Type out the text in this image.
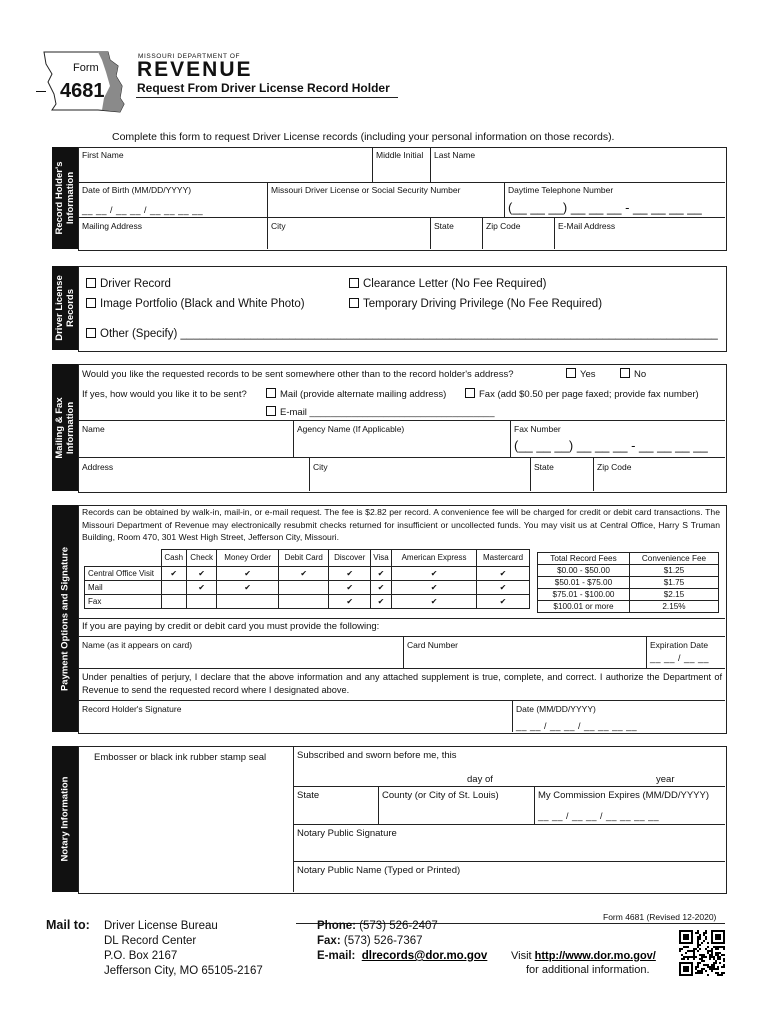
Form
4681
MISSOURI DEPARTMENT OF
REVENUE
Request From Driver License Record Holder
Complete this form to request Driver License records (including your personal information on those records).
Record Holder's Information
First Name	Middle Initial Last Name
Date of Birth (MM/DD/YYYY)
__ __ / __ __ / __ __ __ __
Missouri Driver License or Social Security Number	Daytime Telephone Number
(__ __ __) __ __ __ - __ __ __ __
Mailing Address	City	State	Zip Code	E-Mail Address
Driver License Records
Driver Record	Clearance Letter (No Fee Required)
Image Portfolio (Black and White Photo)	Temporary Driving Privilege (No Fee Required)
Other (Specify) ____________________________________________________________________________________
Mailing & Fax Information
Would you like the requested records to be sent somewhere other than to the record holder's address?	Yes	No
If yes, how would you like it to be sent?	Mail (provide alternate mailing address)	Fax (add $0.50 per page faxed; provide fax number)
E-mail ___________________________________
Name	Agency Name (If Applicable)	Fax Number
(__ __ __) __ __ __ - __ __ __ __
Address	City	State	Zip Code
Payment Options and Signature
Records can be obtained by walk-in, mail-in, or e-mail request. The fee is $2.82 per record. A convenience fee will be charged for credit or debit card transactions. The Missouri Department of Revenue may electronically resubmit checks returned for insufficient or uncollected funds. You may visit us at Central Office, Harry S Truman Building, Room 470, 301 West High Street, Jefferson City, Missouri.
	Cash	Check	Money Order	Debit Card	Discover	Visa	American Express	Mastercard
Central Office Visit	✔	✔	✔	✔	✔	✔	✔	✔
Mail		✔	✔		✔	✔	✔	✔
Fax					✔	✔	✔	✔
Total Record Fees	Convenience Fee
$0.00 - $50.00	$1.25
$50.01 - $75.00	$1.75
$75.01 - $100.00	$2.15
$100.01 or more	2.15%
If you are paying by credit or debit card you must provide the following:
Name (as it appears on card)	Card Number	Expiration Date
__ __ / __ __
Under penalties of perjury, I declare that the above information and any attached supplement is true, complete, and correct. I authorize the Department of Revenue to send the requested record where I designated above.
Record Holder's Signature	Date (MM/DD/YYYY)
__ __ / __ __ / __ __ __ __
Notary Information
Embosser or black ink rubber stamp seal	Subscribed and sworn before me, this
day of	year
State	County (or City of St. Louis)	My Commission Expires (MM/DD/YYYY)
__ __ / __ __ / __ __ __ __
Notary Public Signature
Notary Public Name (Typed or Printed)
Form 4681 (Revised 12-2020)
Mail to: Driver License Bureau
DL Record Center
P.O. Box 2167
Jefferson City, MO 65105-2167
Phone: (573) 526-2407
Fax: (573) 526-7367
E-mail: dlrecords@dor.mo.gov Visit http://www.dor.mo.gov/
for additional information.
